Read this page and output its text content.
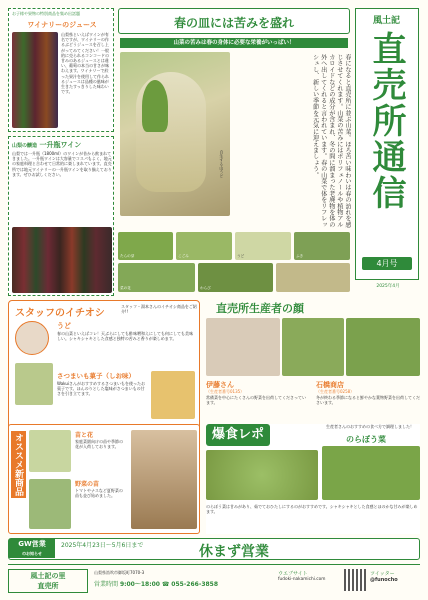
風土記
直売所通信
4月号
2025年4月
春の皿には苦みを盛れ
山菜の苦みは春の身体に必要な栄養がいっぱい！
自生する山うど	春になると直売所に並ぶ山菜。ほろ苦い味わいは春の訪れを感じさせてくれます。山菜の苦みにはポリフェノールや植物アルカロイドなどの成分が含まれ、冬の間に溜まった老廃物を体の外へ出してくれると言われています。春の山菜で体をリフレッシュし、新しい季節を元気に迎えましょう。
たらの芽	こごみ	うど	ふき
菜の花	わらび
お子様や果物の特別商品を集め出話題
ワイナリーのジュース
山梨県といえばワインが有名ですが、ワイナリーの作るぶどうジュースを召し上がってみてください！一般的に売られるコンコードの甘みのあるジュースとは違い、葡萄の本当の甘さが味わえます。ワイナリーで絞った果汁を使用して作られるジュースは品種の風味が生きたすっきりした味わいです。
山梨の醸造 一升瓶ワイン
山梨では一升瓶（1800ml）のワインが昔から飲まれてきました。一升瓶ワインは大容量でコスパもよく、地元の家庭料理と合わせて日常的に楽しまれています。直売所では地元ワイナリーの一升瓶ワインを取り揃えております。ぜひお試しください。
スタッフのイチオシ
スタッフ・湯本さんのイチオシ商品をご紹介!!
うど
春の山菜といえばコレ！天ぷらにしても酢味噌和えにしても何にしても美味しい。シャキシャキとした食感と独特の苦みと香りが楽しめます。
さつまいも菓子（しお味）
Wakuiさんがおすすめするさつまいもを使ったお菓子です。ほんのりとした塩味がさつまいもの甘さを引き立てます。
オススメ新商品	苗と花
家庭菜園向けの苗や季節の花が入荷しております。
野菜の苗
トマトやナスなど夏野菜の苗も並び始めました。
直売所生産者の顔
伊藤さん
（生産者番号0135）
常備菜を中心にたくさんの野菜を出荷してくださっています。
石橋商店
（生産者番号0258）
冬が終わる季節になると鮮やかな葉物野菜を出荷してくださいます。
爆食レポ
生産者さんのおすすめの食べ方で調理しました！
のらぼう菜
のらぼう菜は甘みがあり、茹でておひたしにするのがおすすめです。シャキシャキとした食感とほのかな甘みが楽しめます。
GW営業
のお知らせ
2025年4月23日〜5月6日まで	休まず営業
風土記の里
直売所
山梨県笛吹市御坂町7070-3
営業時間 9:00〜18:00 ☎ 055-266-3858
ウエブサイト
fudoki-nakamichi.com
ツイッター
@funocho
